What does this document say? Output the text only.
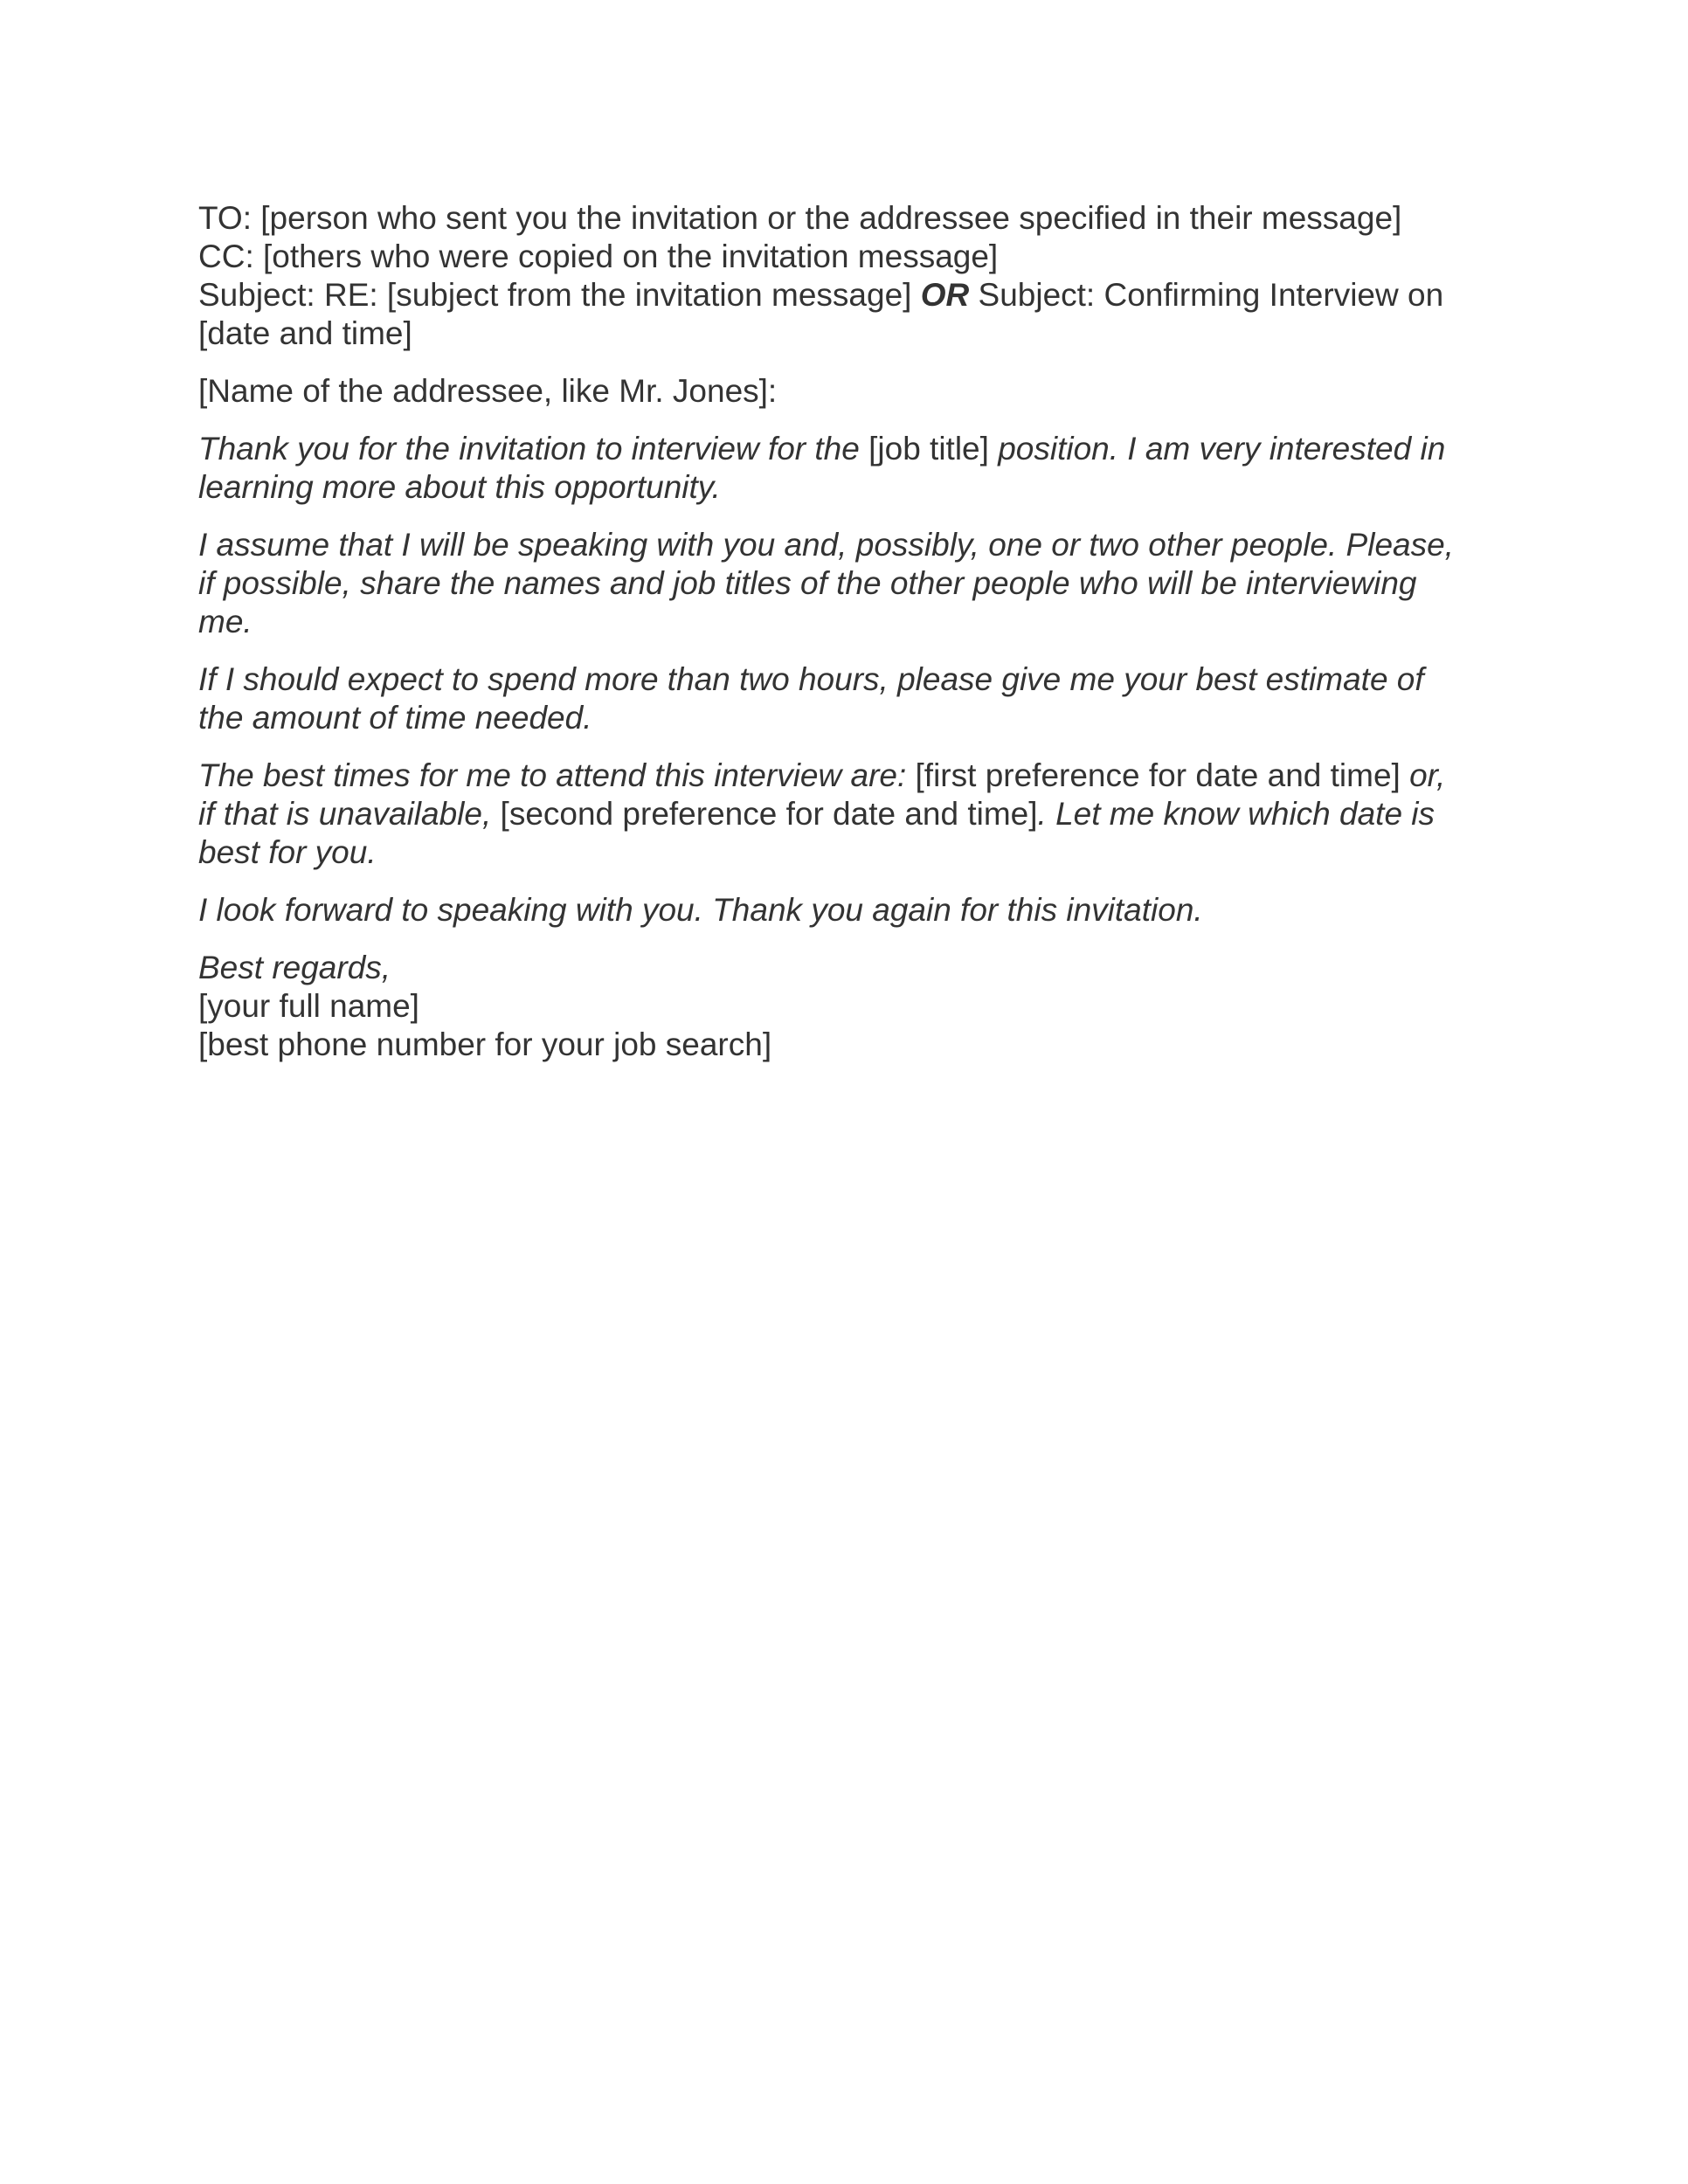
TO: [person who sent you the invitation or the addressee specified in their message]
CC: [others who were copied on the invitation message]
Subject: RE: [subject from the invitation message] OR Subject: Confirming Interview on
[date and time]
[Name of the addressee, like Mr. Jones]:
Thank you for the invitation to interview for the [job title] position. I am very interested in
learning more about this opportunity.
I assume that I will be speaking with you and, possibly, one or two other people. Please,
if possible, share the names and job titles of the other people who will be interviewing
me.
If I should expect to spend more than two hours, please give me your best estimate of
the amount of time needed.
The best times for me to attend this interview are: [first preference for date and time] or,
if that is unavailable, [second preference for date and time]. Let me know which date is
best for you.
I look forward to speaking with you. Thank you again for this invitation.
Best regards,
[your full name]
[best phone number for your job search]
